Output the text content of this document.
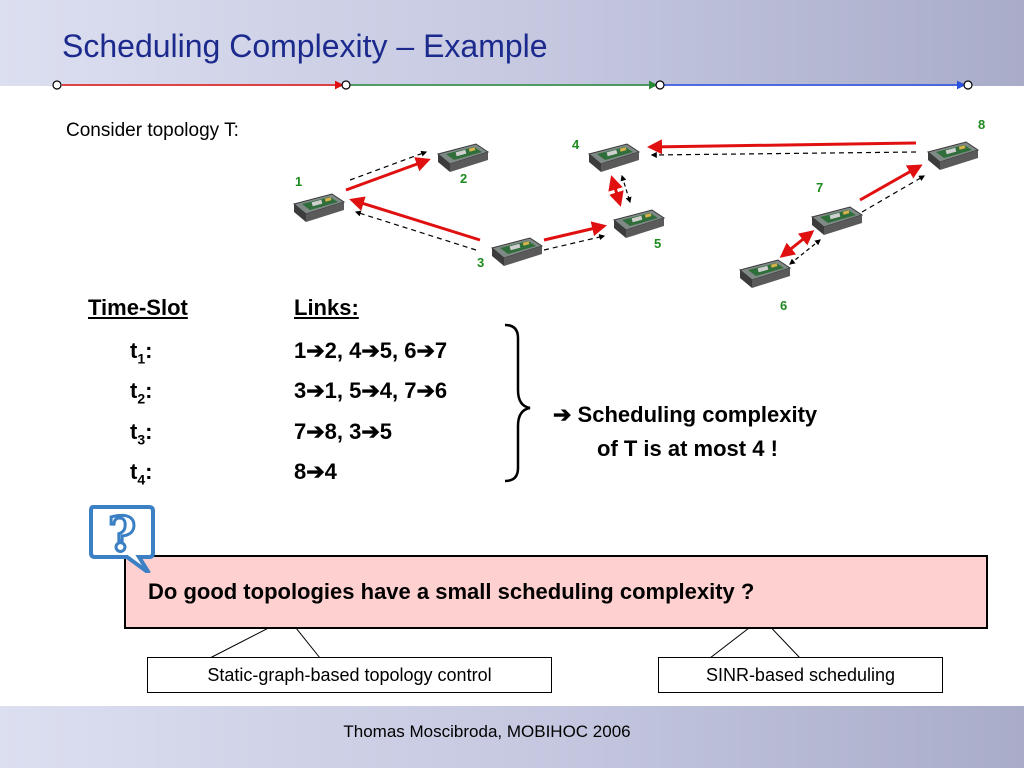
Scheduling Complexity – Example
1	2
3
4
5
6
7
8
Consider topology T:
Time-Slot	Links:
$t_1$:	1➔2, 4➔5, 6➔7
$t_2$:	3➔1, 5➔4, 7➔6
$t_3$:	7➔8, 3➔5
$t_4$:	8➔4
➔ Scheduling complexity
of T is at most 4 !
Do good topologies have a small scheduling complexity ?
?
Static-graph-based topology control	SINR-based scheduling
Thomas Moscibroda, MOBIHOC 2006
